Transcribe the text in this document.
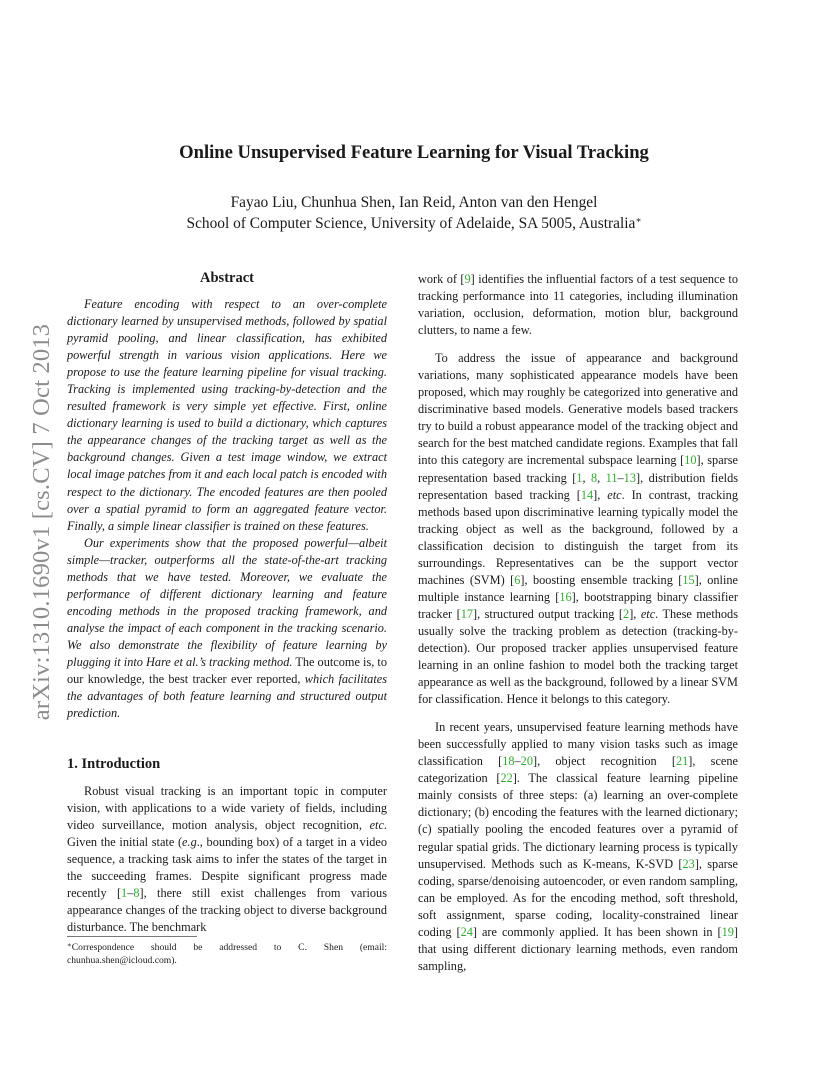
arXiv:1310.1690v1 [cs.CV] 7 Oct 2013
Online Unsupervised Feature Learning for Visual Tracking
Fayao Liu, Chunhua Shen, Ian Reid, Anton van den Hengel
School of Computer Science, University of Adelaide, SA 5005, Australia∗
Abstract

Feature encoding with respect to an over-complete dictionary learned by unsupervised methods, followed by spatial pyramid pooling, and linear classification, has exhibited powerful strength in various vision applications. Here we propose to use the feature learning pipeline for visual tracking. Tracking is implemented using tracking-by-detection and the resulted framework is very simple yet effective. First, online dictionary learning is used to build a dictionary, which captures the appearance changes of the tracking target as well as the background changes. Given a test image window, we extract local image patches from it and each local patch is encoded with respect to the dictionary. The encoded features are then pooled over a spatial pyramid to form an aggregated feature vector. Finally, a simple linear classifier is trained on these features.

Our experiments show that the proposed powerful—albeit simple—tracker, outperforms all the state-of-the-art tracking methods that we have tested. Moreover, we evaluate the performance of different dictionary learning and feature encoding methods in the proposed tracking framework, and analyse the impact of each component in the tracking scenario. We also demonstrate the flexibility of feature learning by plugging it into Hare et al.’s tracking method. The outcome is, to our knowledge, the best tracker ever reported, which facilitates the advantages of both feature learning and structured output prediction.

1. Introduction

Robust visual tracking is an important topic in computer vision, with applications to a wide variety of fields, including video surveillance, motion analysis, object recognition, etc. Given the initial state (e.g., bounding box) of a target in a video sequence, a tracking task aims to infer the states of the target in the succeeding frames. Despite significant progress made recently [1–8], there still exist challenges from various appearance changes of the tracking object to diverse background disturbance. The benchmark

∗Correspondence should be addressed to C. Shen (email: chunhua.shen@icloud.com).

work of [9] identifies the influential factors of a test sequence to tracking performance into 11 categories, including illumination variation, occlusion, deformation, motion blur, background clutters, to name a few.

To address the issue of appearance and background variations, many sophisticated appearance models have been proposed, which may roughly be categorized into generative and discriminative based models. Generative models based trackers try to build a robust appearance model of the tracking object and search for the best matched candidate regions. Examples that fall into this category are incremental subspace learning [10], sparse representation based tracking [1, 8, 11–13], distribution fields representation based tracking [14], etc. In contrast, tracking methods based upon discriminative learning typically model the tracking object as well as the background, followed by a classification decision to distinguish the target from its surroundings. Representatives can be the support vector machines (SVM) [6], boosting ensemble tracking [15], online multiple instance learning [16], bootstrapping binary classifier tracker [17], structured output tracking [2], etc. These methods usually solve the tracking problem as detection (tracking-by-detection). Our proposed tracker applies unsupervised feature learning in an online fashion to model both the tracking target appearance as well as the background, followed by a linear SVM for classification. Hence it belongs to this category.

In recent years, unsupervised feature learning methods have been successfully applied to many vision tasks such as image classification [18–20], object recognition [21], scene categorization [22]. The classical feature learning pipeline mainly consists of three steps: (a) learning an over-complete dictionary; (b) encoding the features with the learned dictionary; (c) spatially pooling the encoded features over a pyramid of regular spatial grids. The dictionary learning process is typically unsupervised. Methods such as K-means, K-SVD [23], sparse coding, sparse/denoising autoencoder, or even random sampling, can be employed. As for the encoding method, soft threshold, soft assignment, sparse coding, locality-constrained linear coding [24] are commonly applied. It has been shown in [19] that using different dictionary learning methods, even random sampling,
